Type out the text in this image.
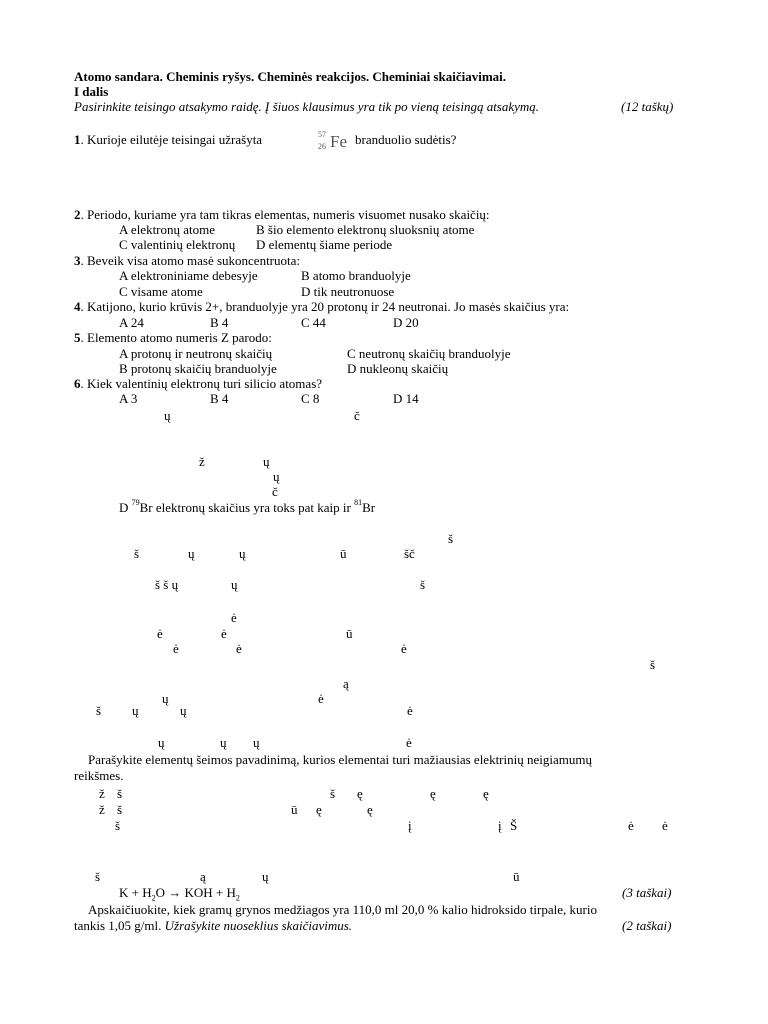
Atomo sandara. Cheminis ryšys. Cheminės reakcijos. Cheminiai skaičiavimai.
I dalis
Pasirinkite teisingo atsakymo raidę. Į šiuos klausimus yra tik po vieną teisingą atsakymą.	(12 taškų)
1. Kurioje eilutėje teisingai užrašyta	57
26 Fe branduolio sudėtis?
2. Periodo, kuriame yra tam tikras elementas, numeris visuomet nusako skaičių:
A elektronų atome	B šio elemento elektronų sluoksnių atome
C valentinių elektronų D elementų šiame periode
3. Beveik visa atomo masė sukoncentruota:
A elektroniniame debesyje	B atomo branduolyje
C visame atome	D tik neutronuose
4. Katijono, kurio krūvis 2+, branduolyje yra 20 protonų ir 24 neutronai. Jo masės skaičius yra:
A 24	B 4	C 44	D 20
5. Elemento atomo numeris Z parodo:
A protonų ir neutronų skaičių	C neutronų skaičių branduolyje
B protonų skaičių branduolyje	D nukleonų skaičių
6. Kiek valentinių elektronų turi silicio atomas?
A 3	B 4	C 8	D 14
ų	č
ž	ų
ų
č
D $^{79}$Br elektronų skaičius yra toks pat kaip ir $^{81}$Br
š
š	ų	ų	ū	šč
š š ų	ų	š
ė
ė	ė	ū
ė	ė	ė
š
ą
ų	ė
š ų	ų	ė
ų	ų ų	ė
Parašykite elementų šeimos pavadinimą, kurios elementai turi mažiausias elektrinių neigiamumų
reikšmes.
ž š	š ę	ę	ę
ž š	ū ę	ę
š	į	į Š	ė ė
š	ą	ų	ū
$K + H_2O$ → KOH + $H_2$	(3 taškai)
Apskaičiuokite, kiek gramų grynos medžiagos yra 110,0 ml 20,0 % kalio hidroksido tirpale, kurio
tankis 1,05 g/ml. Užrašykite nuoseklius skaičiavimus.	(2 taškai)
